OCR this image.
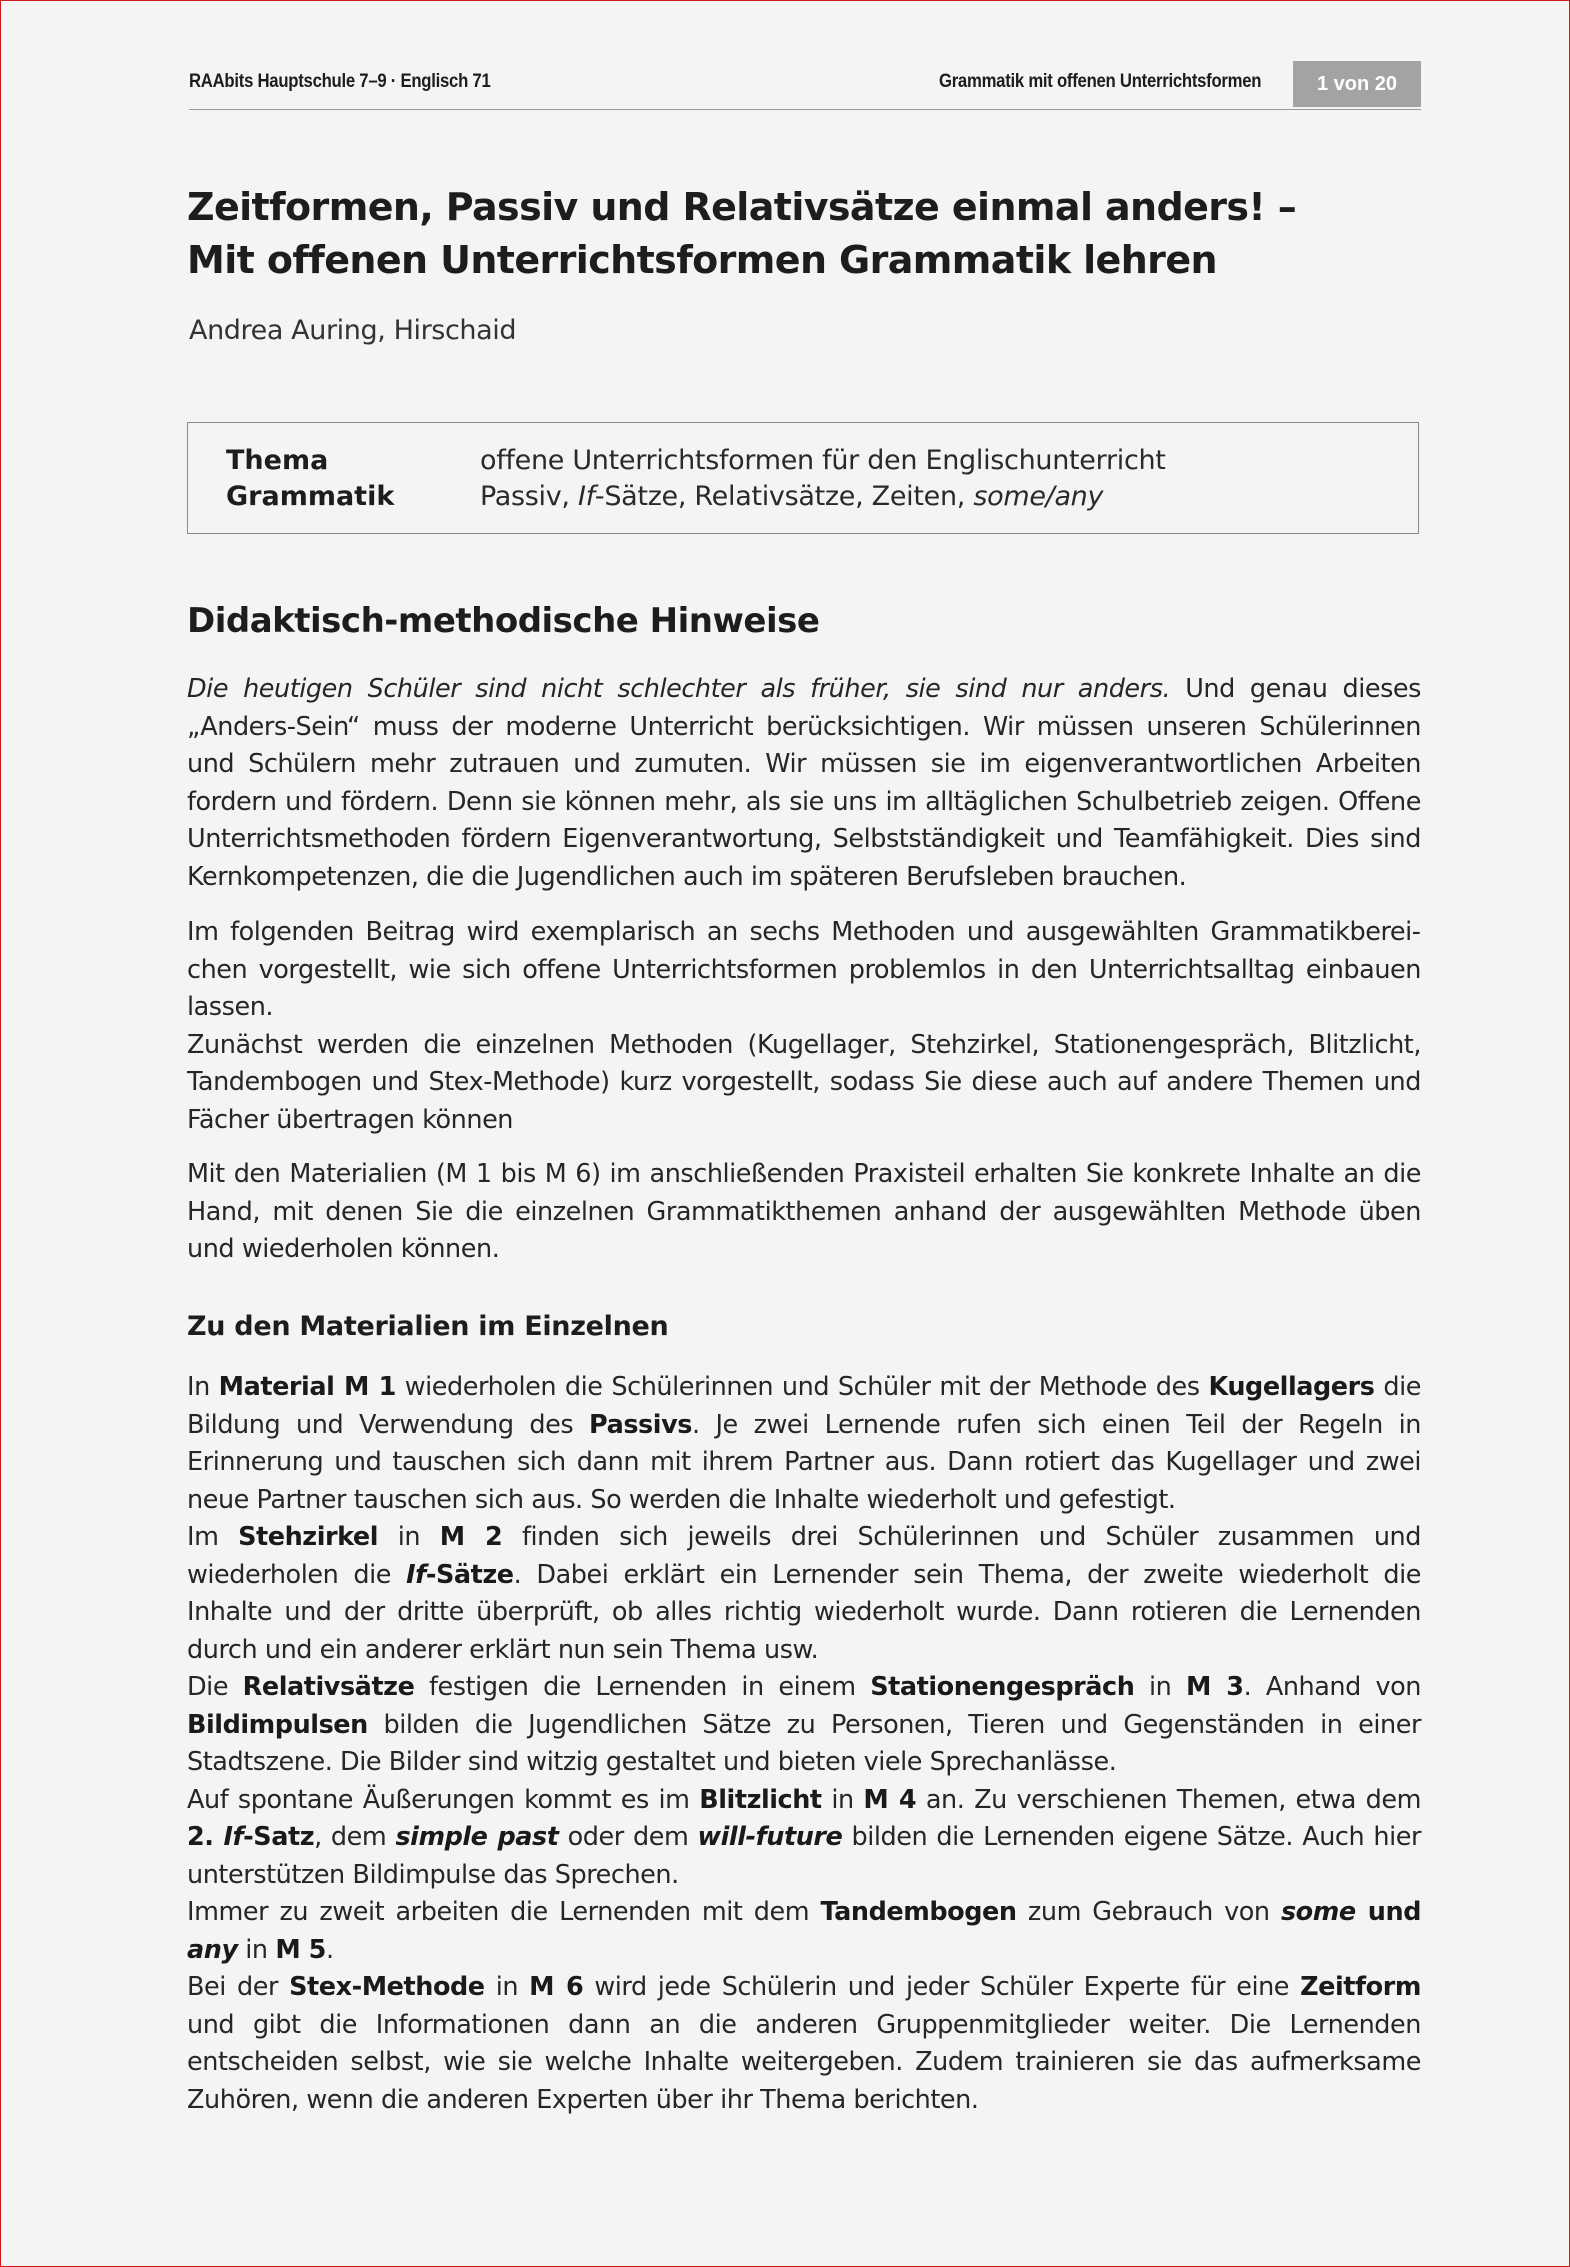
RAAbits Hauptschule 7–9 · Englisch 71	Grammatik mit offenen Unterrichtsformen	1 von 20
Zeitformen, Passiv und Relativsätze einmal anders! –
Mit offenen Unterrichtsformen Grammatik lehren
Andrea Auring, Hirschaid
Thema	offene Unterrichtsformen für den Englischunterricht
Grammatik	Passiv, If-Sätze, Relativsätze, Zeiten, some/any
Didaktisch-methodische Hinweise

Die heutigen Schüler sind nicht schlechter als früher, sie sind nur anders. Und genau dieses „Anders-Sein“ muss der moderne Unterricht berücksichtigen. Wir müssen unseren Schülerinnen und Schülern mehr zutrauen und zumuten. Wir müssen sie im eigenverantwortlichen Arbeiten fordern und fördern. Denn sie können mehr, als sie uns im alltäglichen Schulbetrieb zeigen. Offene Unterrichtsmethoden fördern Eigenverantwortung, Selbstständigkeit und Teamfähigkeit. Dies sind Kernkompetenzen, die die Jugendlichen auch im späteren Berufsleben brauchen.

Im folgenden Beitrag wird exemplarisch an sechs Methoden und ausgewählten Grammatikbereichen vorgestellt, wie sich offene Unterrichtsformen problemlos in den Unterrichtsalltag einbauen lassen.
Zunächst werden die einzelnen Methoden (Kugellager, Stehzirkel, Stationengespräch, Blitzlicht, Tandembogen und Stex-Methode) kurz vorgestellt, sodass Sie diese auch auf andere Themen und Fächer übertragen können

Mit den Materialien (M 1 bis M 6) im anschließenden Praxisteil erhalten Sie konkrete Inhalte an die Hand, mit denen Sie die einzelnen Grammatikthemen anhand der ausgewählten Methode üben und wiederholen können.

Zu den Materialien im Einzelnen

In Material M 1 wiederholen die Schülerinnen und Schüler mit der Methode des Kugellagers die Bildung und Verwendung des Passivs. Je zwei Lernende rufen sich einen Teil der Regeln in Erinnerung und tauschen sich dann mit ihrem Partner aus. Dann rotiert das Kugellager und zwei neue Partner tauschen sich aus. So werden die Inhalte wiederholt und gefestigt.
Im Stehzirkel in M 2 finden sich jeweils drei Schülerinnen und Schüler zusammen und wiederholen die If-Sätze. Dabei erklärt ein Lernender sein Thema, der zweite wiederholt die Inhalte und der dritte überprüft, ob alles richtig wiederholt wurde. Dann rotieren die Lernenden durch und ein anderer erklärt nun sein Thema usw.
Die Relativsätze festigen die Lernenden in einem Stationengespräch in M 3. Anhand von Bildimpulsen bilden die Jugendlichen Sätze zu Personen, Tieren und Gegenständen in einer Stadtszene. Die Bilder sind witzig gestaltet und bieten viele Sprechanlässe.
Auf spontane Äußerungen kommt es im Blitzlicht in M 4 an. Zu verschienen Themen, etwa dem 2. If-Satz, dem simple past oder dem will-future bilden die Lernenden eigene Sätze. Auch hier unterstützen Bildimpulse das Sprechen.
Immer zu zweit arbeiten die Lernenden mit dem Tandembogen zum Gebrauch von some und any in M 5.
Bei der Stex-Methode in M 6 wird jede Schülerin und jeder Schüler Experte für eine Zeitform und gibt die Informationen dann an die anderen Gruppenmitglieder weiter. Die Lernenden entscheiden selbst, wie sie welche Inhalte weitergeben. Zudem trainieren sie das aufmerksame Zuhören, wenn die anderen Experten über ihr Thema berichten.
